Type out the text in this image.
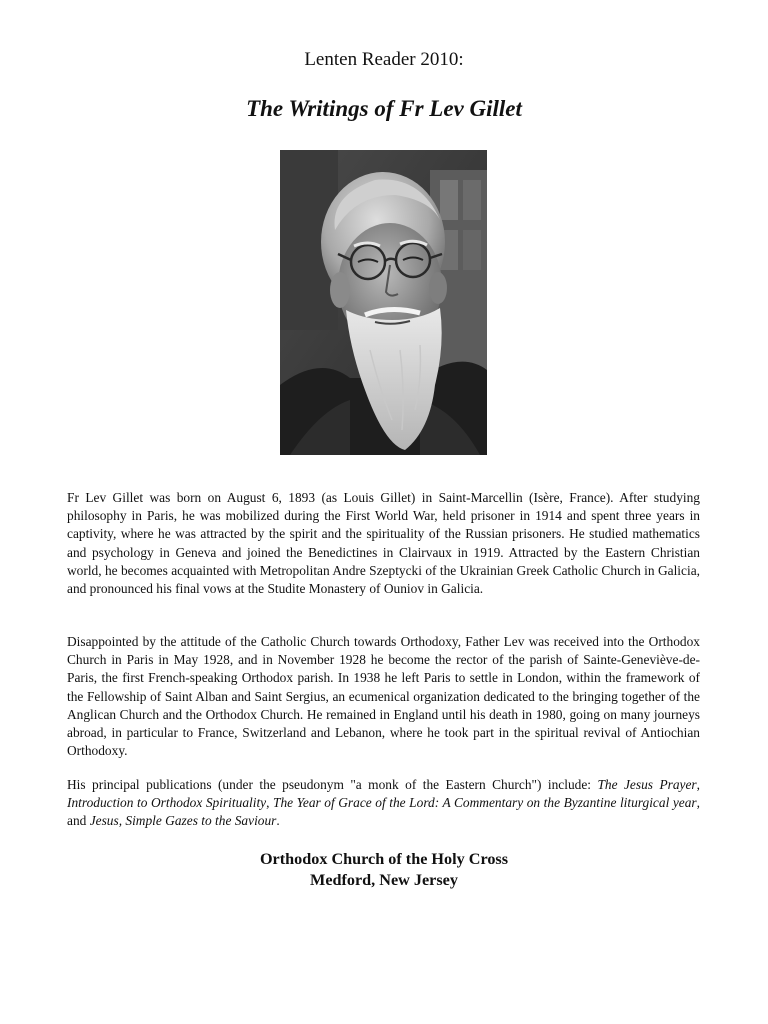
Lenten Reader 2010:
The Writings of Fr Lev Gillet

Fr Lev Gillet was born on August 6, 1893 (as Louis Gillet) in Saint-Marcellin (Isère, France). After studying philosophy in Paris, he was mobilized during the First World War, held prisoner in 1914 and spent three years in captivity, where he was attracted by the spirit and the spirituality of the Russian prisoners. He studied mathematics and psychology in Geneva and joined the Benedictines in Clairvaux in 1919. Attracted by the Eastern Christian world, he becomes acquainted with Metropolitan Andre Szeptycki of the Ukrainian Greek Catholic Church in Galicia, and pronounced his final vows at the Studite Monastery of Ouniov in Galicia.

Disappointed by the attitude of the Catholic Church towards Orthodoxy, Father Lev was received into the Orthodox Church in Paris in May 1928, and in November 1928 he become the rector of the parish of Sainte-Geneviève-de-Paris, the first French-speaking Orthodox parish. In 1938 he left Paris to settle in London, within the framework of the Fellowship of Saint Alban and Saint Sergius, an ecumenical organization dedicated to the bringing together of the Anglican Church and the Orthodox Church. He remained in England until his death in 1980, going on many journeys abroad, in particular to France, Switzerland and Lebanon, where he took part in the spiritual revival of Antiochian Orthodoxy.

His principal publications (under the pseudonym "a monk of the Eastern Church") include: The Jesus Prayer, Introduction to Orthodox Spirituality, The Year of Grace of the Lord: A Commentary on the Byzantine liturgical year, and Jesus, Simple Gazes to the Saviour.

Orthodox Church of the Holy Cross
Medford, New Jersey
